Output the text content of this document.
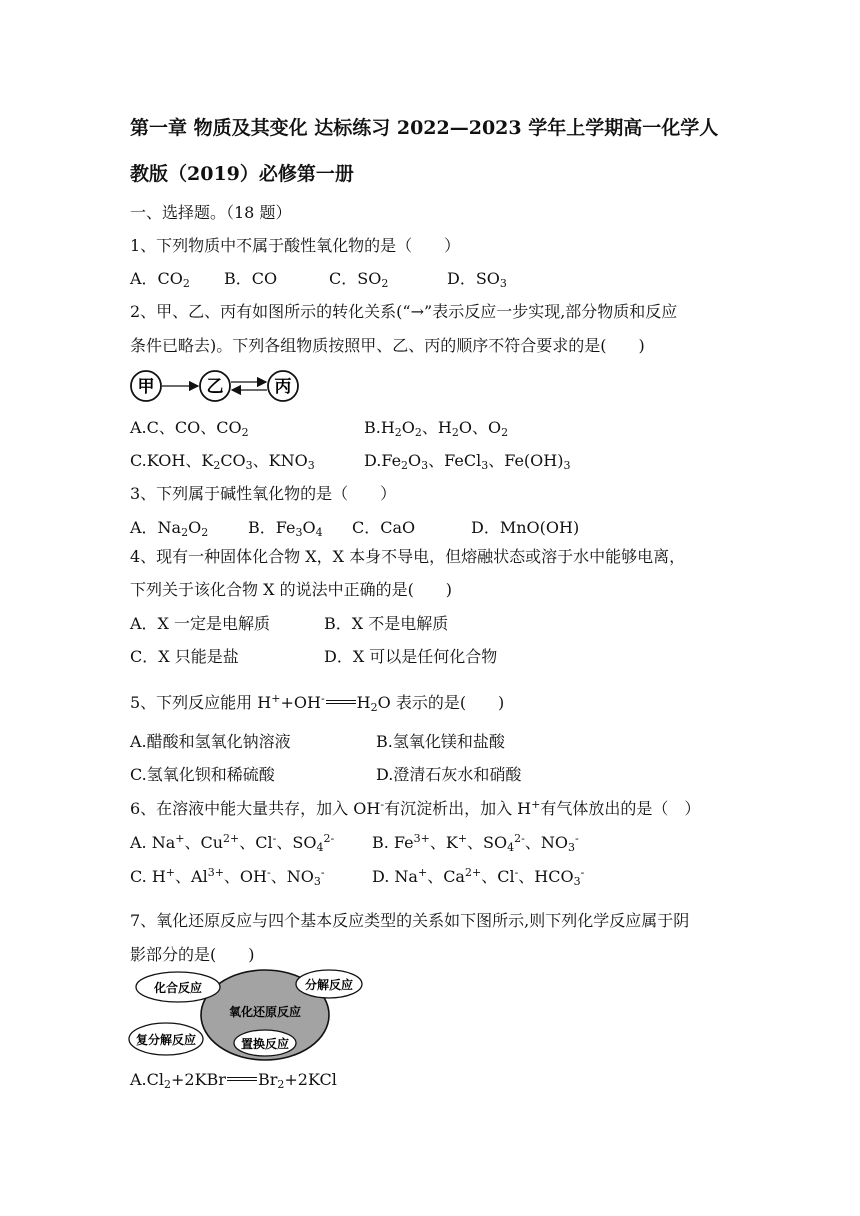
第一章 物质及其变化 达标练习 2022—2023 学年上学期高一化学人
教版（2019）必修第一册
一、选择题。（18 题）
1、下列物质中不属于酸性氧化物的是（　　）
A．$CO_2$ B．CO	C．$SO_2$	D．$SO_3$
2、甲、乙、丙有如图所示的转化关系(“→”表示反应一步实现,部分物质和反应
条件已略去)。下列各组物质按照甲、乙、丙的顺序不符合要求的是(　　)
甲	乙	丙
A.C、CO、$CO_2$	$B.H_2O_2$、$H_2O$、$O_2$
C.KOH、$K_2CO_3$、$KNO_3$	$D.Fe_2O_3$、FeCl$_3$、$Fe(OH)_3$
3、下列属于碱性氧化物的是（　　）
A．$Na_2O_2$ B．$Fe_3O_4$ C．CaO	D．MnO(OH)
4、现有一种固体化合物 X，X 本身不导电，但熔融状态或溶于水中能够电离，
下列关于该化合物 X 的说法中正确的是(　　)
A．X 一定是电解质	B．X 不是电解质
C．X 只能是盐	D．X 可以是任何化合物
5、下列反应能用 H++OH- $H_2O$ 表示的是(　　)
A.醋酸和氢氧化钠溶液	B.氢氧化镁和盐酸
C.氢氧化钡和稀硫酸	D.澄清石灰水和硝酸
6、在溶液中能大量共存，加入 OH-有沉淀析出，加入 H+有气体放出的是（　）
A. Na+、$Cu^{2+}$、Cl-、$SO_4^{2-}$ B. $Fe^{3+}$、K+、$SO_4^{2-}$、$NO_3^-$
C. H+、$Al^{3+}$、OH-、$NO_3^-$	D. Na+、$Ca^{2+}$、Cl-、$HCO_3^-$
7、氧化还原反应与四个基本反应类型的关系如下图所示,则下列化学反应属于阴
影部分的是(　　)
化合反应	分解反应
氧化还原反应
复分解反应	置换反应
$A.Cl_2+2KBr$ $Br_2+2KCl$
